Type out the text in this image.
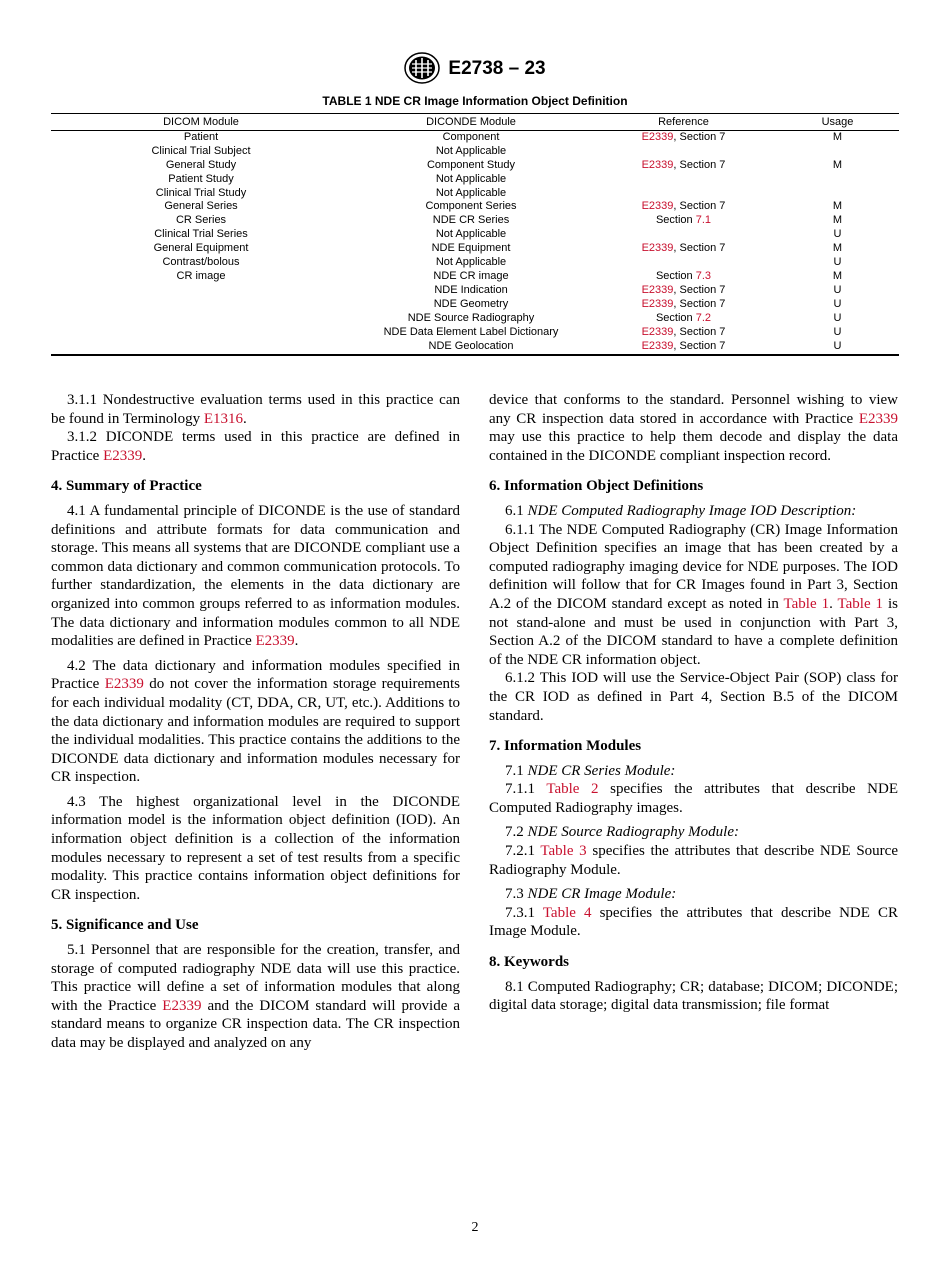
E2738 – 23
TABLE 1 NDE CR Image Information Object Definition
DICOM Module	DICONDE Module	Reference	Usage
Patient	Component	E2339, Section 7	M
Clinical Trial Subject	Not Applicable		
General Study	Component Study	E2339, Section 7	M
Patient Study	Not Applicable		
Clinical Trial Study	Not Applicable		
General Series	Component Series	E2339, Section 7	M
CR Series	NDE CR Series	Section 7.1	M
Clinical Trial Series	Not Applicable		U
General Equipment	NDE Equipment	E2339, Section 7	M
Contrast/bolous	Not Applicable		U
CR image	NDE CR image	Section 7.3	M
	NDE Indication	E2339, Section 7	U
	NDE Geometry	E2339, Section 7	U
	NDE Source Radiography	Section 7.2	U
	NDE Data Element Label Dictionary	E2339, Section 7	U
	NDE Geolocation	E2339, Section 7	U

3.1.1 Nondestructive evaluation terms used in this practice can be found in Terminology E1316.

3.1.2 DICONDE terms used in this practice are defined in Practice E2339.

4. Summary of Practice

4.1 A fundamental principle of DICONDE is the use of standard definitions and attribute formats for data communication and storage. This means all systems that are DICONDE compliant use a common data dictionary and common communication protocols. To further standardization, the elements in the data dictionary are organized into common groups referred to as information modules. The data dictionary and information modules common to all NDE modalities are defined in Practice E2339.

4.2 The data dictionary and information modules specified in Practice E2339 do not cover the information storage requirements for each individual modality (CT, DDA, CR, UT, etc.). Additions to the data dictionary and information modules are required to support the individual modalities. This practice contains the additions to the DICONDE data dictionary and information modules necessary for CR inspection.

4.3 The highest organizational level in the DICONDE information model is the information object definition (IOD). An information object definition is a collection of the information modules necessary to represent a set of test results from a specific modality. This practice contains information object definitions for CR inspection.

5. Significance and Use

5.1 Personnel that are responsible for the creation, transfer, and storage of computed radiography NDE data will use this practice. This practice will define a set of information modules that along with the Practice E2339 and the DICOM standard will provide a standard means to organize CR inspection data. The CR inspection data may be displayed and analyzed on any

device that conforms to the standard. Personnel wishing to view any CR inspection data stored in accordance with Practice E2339 may use this practice to help them decode and display the data contained in the DICONDE compliant inspection record.

6. Information Object Definitions

6.1 NDE Computed Radiography Image IOD Description:

6.1.1 The NDE Computed Radiography (CR) Image Information Object Definition specifies an image that has been created by a computed radiography imaging device for NDE purposes. The IOD definition will follow that for CR Images found in Part 3, Section A.2 of the DICOM standard except as noted in Table 1. Table 1 is not stand-alone and must be used in conjunction with Part 3, Section A.2 of the DICOM standard to have a complete definition of the NDE CR information object.

6.1.2 This IOD will use the Service-Object Pair (SOP) class for the CR IOD as defined in Part 4, Section B.5 of the DICOM standard.

7. Information Modules

7.1 NDE CR Series Module:

7.1.1 Table 2 specifies the attributes that describe NDE Computed Radiography images.

7.2 NDE Source Radiography Module:

7.2.1 Table 3 specifies the attributes that describe NDE Source Radiography Module.

7.3 NDE CR Image Module:

7.3.1 Table 4 specifies the attributes that describe NDE CR Image Module.

8. Keywords

8.1 Computed Radiography; CR; database; DICOM; DICONDE; digital data storage; digital data transmission; file format

2
